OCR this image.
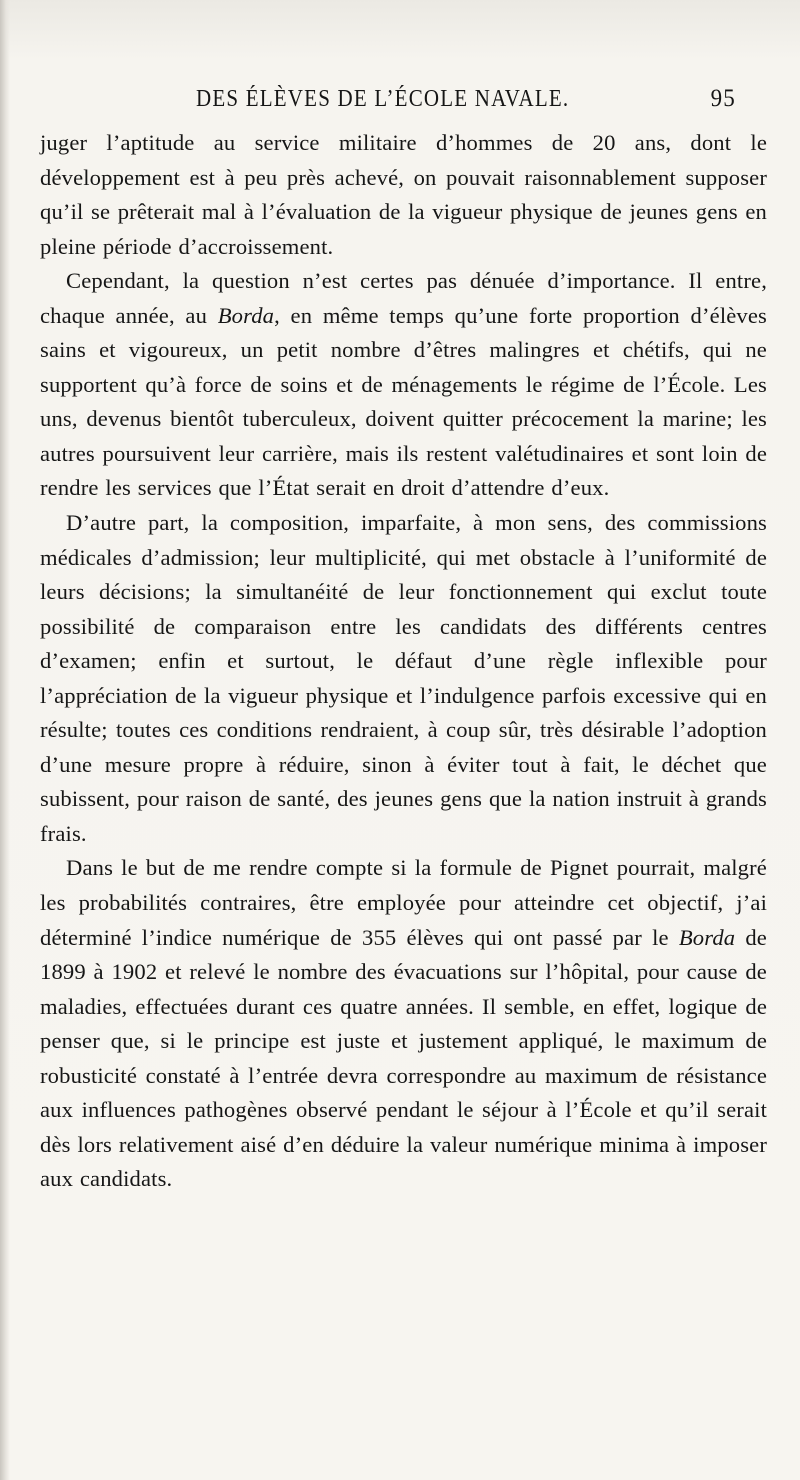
DES ÉLÈVES DE L’ÉCOLE NAVALE.	95

juger l’aptitude au service militaire d’hommes de 20 ans, dont le développement est à peu près achevé, on pouvait raisonnablement supposer qu’il se prêterait mal à l’évaluation de la vigueur physique de jeunes gens en pleine période d’accroissement.

Cependant, la question n’est certes pas dénuée d’importance. Il entre, chaque année, au Borda, en même temps qu’une forte proportion d’élèves sains et vigoureux, un petit nombre d’êtres malingres et chétifs, qui ne supportent qu’à force de soins et de ménagements le régime de l’École. Les uns, devenus bientôt tuberculeux, doivent quitter précocement la marine; les autres poursuivent leur carrière, mais ils restent valétudinaires et sont loin de rendre les services que l’État serait en droit d’attendre d’eux.

D’autre part, la composition, imparfaite, à mon sens, des commissions médicales d’admission; leur multiplicité, qui met obstacle à l’uniformité de leurs décisions; la simultanéité de leur fonctionnement qui exclut toute possibilité de comparaison entre les candidats des différents centres d’examen; enfin et surtout, le défaut d’une règle inflexible pour l’appréciation de la vigueur physique et l’indulgence parfois excessive qui en résulte; toutes ces conditions rendraient, à coup sûr, très désirable l’adoption d’une mesure propre à réduire, sinon à éviter tout à fait, le déchet que subissent, pour raison de santé, des jeunes gens que la nation instruit à grands frais.

Dans le but de me rendre compte si la formule de Pignet pourrait, malgré les probabilités contraires, être employée pour atteindre cet objectif, j’ai déterminé l’indice numérique de 355 élèves qui ont passé par le Borda de 1899 à 1902 et relevé le nombre des évacuations sur l’hôpital, pour cause de maladies, effectuées durant ces quatre années. Il semble, en effet, logique de penser que, si le principe est juste et justement appliqué, le maximum de robusticité constaté à l’entrée devra correspondre au maximum de résistance aux influences pathogènes observé pendant le séjour à l’École et qu’il serait dès lors relativement aisé d’en déduire la valeur numérique minima à imposer aux candidats.
